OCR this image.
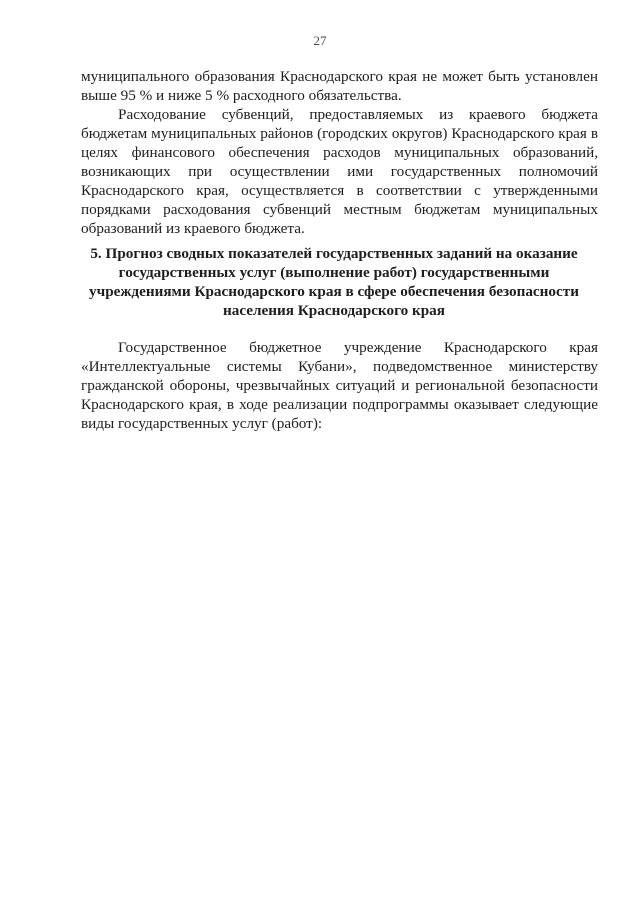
27
муниципального образования Краснодарского края не может быть установлен
выше 95 % и ниже 5 % расходного обязательства.
Расходование субвенций, предоставляемых из краевого бюджета
бюджетам муниципальных районов (городских округов) Краснодарского края в
целях финансового обеспечения расходов муниципальных образований,
возникающих при осуществлении ими государственных полномочий
Краснодарского края, осуществляется в соответствии с утвержденными
порядками расходования субвенций местным бюджетам муниципальных
образований из краевого бюджета.
5. Прогноз сводных показателей государственных заданий на оказание
государственных услуг (выполнение работ) государственными
учреждениями Краснодарского края в сфере обеспечения безопасности
населения Краснодарского края
Государственное бюджетное учреждение Краснодарского края
«Интеллектуальные системы Кубани», подведомственное министерству
гражданской обороны, чрезвычайных ситуаций и региональной безопасности
Краснодарского края, в ходе реализации подпрограммы оказывает следующие
виды государственных услуг (работ):
